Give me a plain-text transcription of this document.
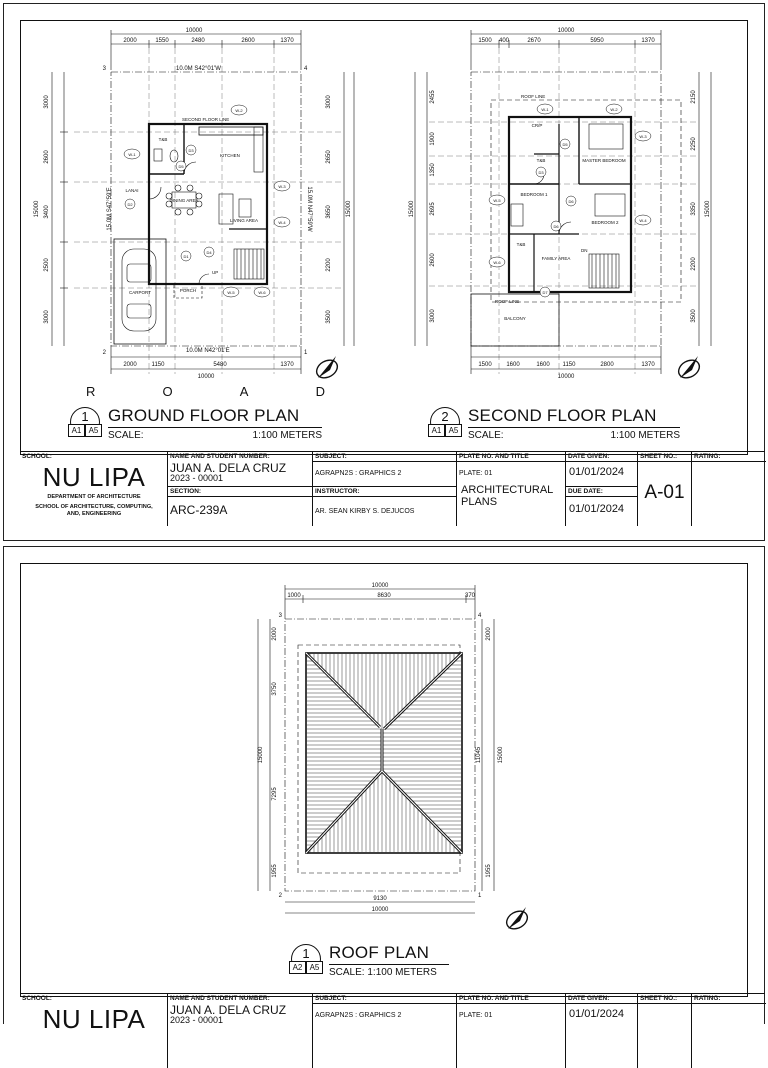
10000
2000	1550	2480	2600	1370
10.0M S42°01'W
10.0M N42°01'E
3	4
2	1
2000 1150	5480	1370
10000
3000
2600
3400
2500
3000
15000	15.0M S47°59'E	15.0M N47°59'W
3000
2650
3650
2200
3500
15000
SECOND FLOOR LINE
KITCHEN
T&B
DINING AREA
LANAI
LIVING AREA
CARPORT	PORCH
UP
D3
D5
D2
D4
D1
W-1
W-2
W-3
W-4
W-5	W-6
10000
1500 400	2670	5950	1370
1500 1600	1600 1150	2800	1370
10000
2455
1900
1350
2695
2600
3000
15000
2150
2250
3350
2200
3500
15000
ROOF LINE
CR/P
T&B	MASTER BEDROOM
BEDROOM 1
BEDROOM 2
T&B
FAMILY AREA
DN
BALCONY
ROOF LINE
D5
D3
D6
D6
D7
W-1	W-2
W-3
W-4
W-5
W-6
R	O	A	D
1
A1 A5
GROUND FLOOR PLAN
SCALE:	1:100 METERS
2
A1 A5
SECOND FLOOR PLAN
SCALE:	1:100 METERS
SCHOOL:
NU LIPA
DEPARTMENT OF ARCHITECTURE
SCHOOL OF ARCHITECTURE, COMPUTING,
AND, ENGINEERING
NAME AND STUDENT NUMBER:
JUAN A. DELA CRUZ
2023 - 00001
SECTION:
ARC-239A
SUBJECT:
AGRAPN2S : GRAPHICS 2
INSTRUCTOR:
AR. SEAN KIRBY S. DEJUCOS
PLATE NO. AND TITLE
PLATE: 01
ARCHITECTURAL
PLANS
DATE GIVEN:
01/01/2024
DUE DATE:
01/01/2024
SHEET NO.:
A-01
RATING:
10000
1000	8630	370
9130
10000
3	4
2	1
2000
3750
15000
7295
1955
2000
15000
11045
1955
1
A2 A5
ROOF PLAN
SCALE: 1:100 METERS
SCHOOL:
NU LIPA
NAME AND STUDENT NUMBER:
JUAN A. DELA CRUZ
2023 - 00001
SUBJECT:
AGRAPN2S : GRAPHICS 2
PLATE NO. AND TITLE
PLATE: 01
DATE GIVEN:
01/01/2024
SHEET NO.:	RATING:
